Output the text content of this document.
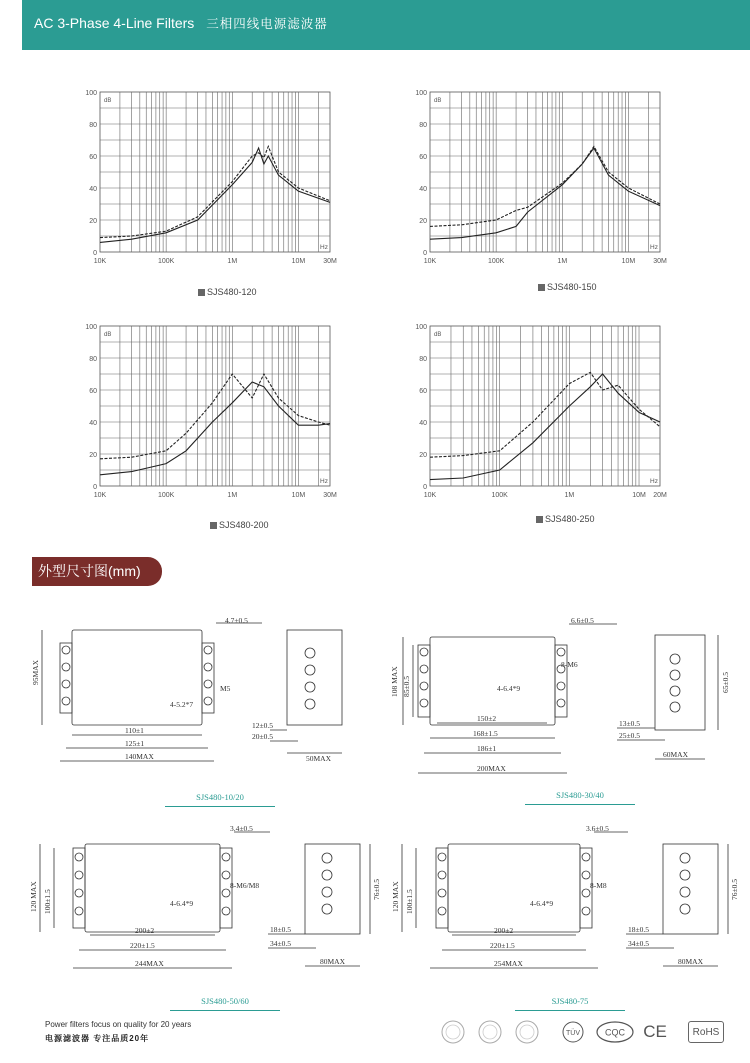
AC 3-Phase 4-Line Filters 三相四线电源滤波器
0
20
40
60
80
100
10K	100K	1M	10M	30M
dB
Hz
SJS480-120
0
20
40
60
80
100
10K	100K	1M	10M	30M
dB
Hz
SJS480-150
0
20
40
60
80
100
10K	100K	1M	10M	30M
dB
Hz
SJS480-200
0
20
40
60
80
100
10K	100K	1M	10M 20M
dB
Hz
SJS480-250
外型尺寸图(mm)
4.7±0.5
95MAX
4-5.2*7
M5
110±1
125±1
140MAX
12±0.5
20±0.5
50MAX
SJS480-10/20
6.6±0.5
108 MAX 85±0.5	4-6.4*9
8-M6
150±2
168±1.5
186±1
200MAX
13±0.5
25±0.5
60MAX
65±0.5
SJS480-30/40
3.4±0.5
120 MAX 100±1.5	4-6.4*9
8-M6/M8
200±2
220±1.5
244MAX
18±0.5
34±0.5
80MAX
76±0.5
SJS480-50/60
3.6±0.5
120 MAX 100±1.5	4-6.4*9
8-M8
200±2
220±1.5
254MAX
18±0.5
34±0.5
80MAX
76±0.5
SJS480-75
Power filters focus on quality for 20 years
电源滤波器 专注品质20年
TÜV	CQC CE	RoHS
